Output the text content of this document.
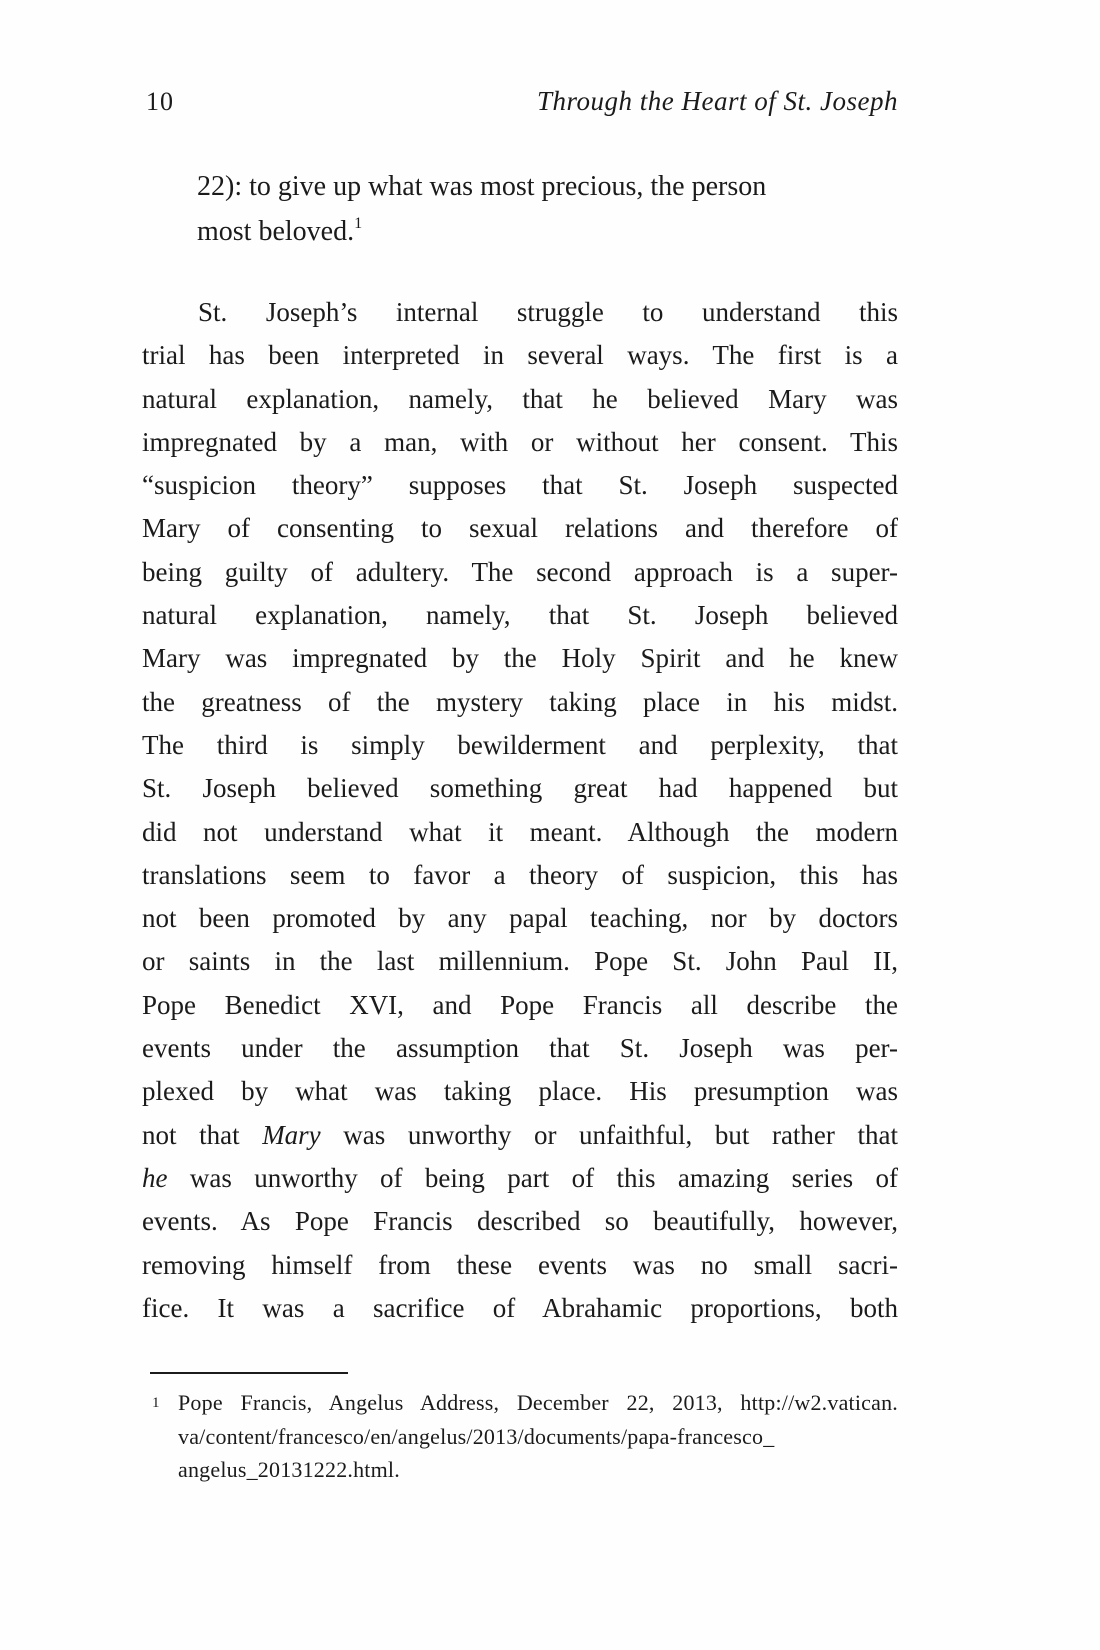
10	Through the Heart of St. Joseph
22): to give up what was most precious, the person
most beloved.$^1$
St. Joseph’s internal struggle to understand this
trial has been interpreted in several ways. The first is a
natural explanation, namely, that he believed Mary was
impregnated by a man, with or without her consent. This
“suspicion theory” supposes that St. Joseph suspected
Mary of consenting to sexual relations and therefore of
being guilty of adultery. The second approach is a super-
natural explanation, namely, that St. Joseph believed
Mary was impregnated by the Holy Spirit and he knew
the greatness of the mystery taking place in his midst.
The third is simply bewilderment and perplexity, that
St. Joseph believed something great had happened but
did not understand what it meant. Although the modern
translations seem to favor a theory of suspicion, this has
not been promoted by any papal teaching, nor by doctors
or saints in the last millennium. Pope St. John Paul II,
Pope Benedict XVI, and Pope Francis all describe the
events under the assumption that St. Joseph was per-
plexed by what was taking place. His presumption was
not that Mary was unworthy or unfaithful, but rather that
he was unworthy of being part of this amazing series of
events. As Pope Francis described so beautifully, however,
removing himself from these events was no small sacri-
fice. It was a sacrifice of Abrahamic proportions, both
1 Pope Francis, Angelus Address, December 22, 2013, http://w2.vatican.
va/content/francesco/en/angelus/2013/documents/papa-francesco_
angelus_20131222.html.
